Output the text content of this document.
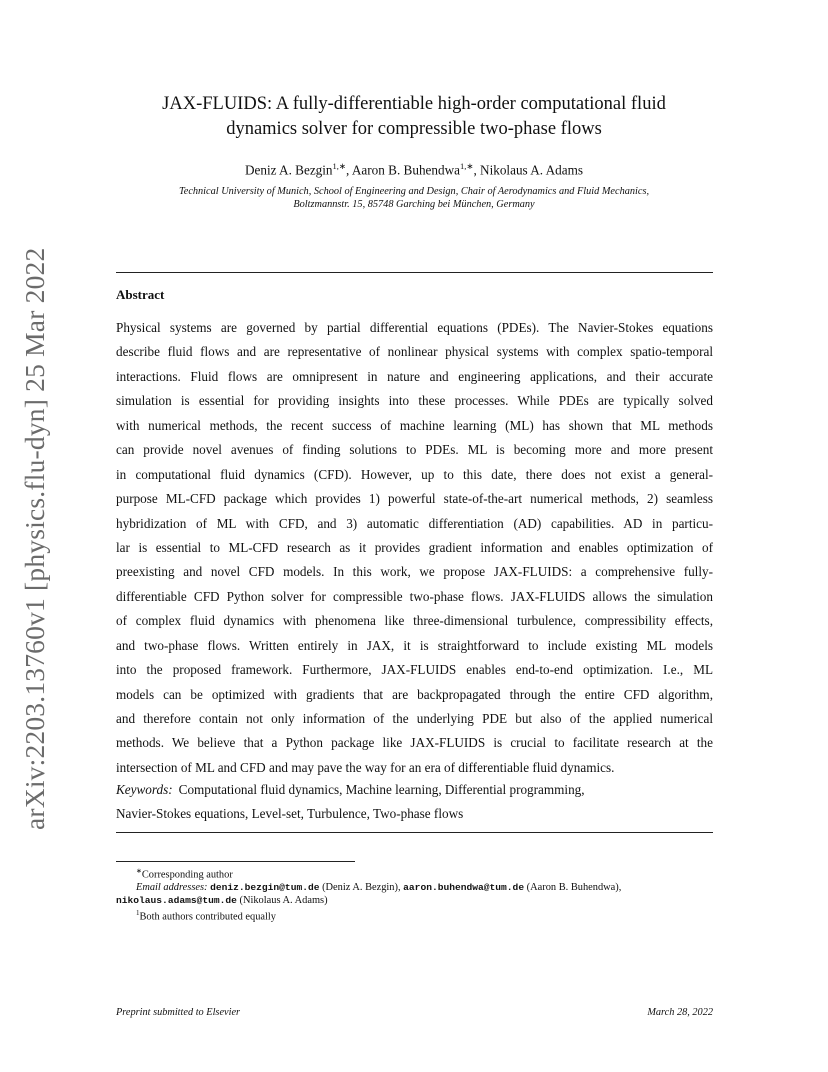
arXiv:2203.13760v1 [physics.flu-dyn] 25 Mar 2022
JAX-FLUIDS: A fully-differentiable high-order computational fluid
dynamics solver for compressible two-phase flows
Deniz A. Bezgin$^{1,∗}$, Aaron B. Buhendwa$^{1,∗}$, Nikolaus A. Adams
Technical University of Munich, School of Engineering and Design, Chair of Aerodynamics and Fluid Mechanics,
Boltzmannstr. 15, 85748 Garching bei München, Germany
Abstract
Physical systems are governed by partial differential equations (PDEs). The Navier-Stokes equations
describe fluid flows and are representative of nonlinear physical systems with complex spatio-temporal
interactions. Fluid flows are omnipresent in nature and engineering applications, and their accurate
simulation is essential for providing insights into these processes. While PDEs are typically solved
with numerical methods, the recent success of machine learning (ML) has shown that ML methods
can provide novel avenues of finding solutions to PDEs. ML is becoming more and more present
in computational fluid dynamics (CFD). However, up to this date, there does not exist a general-
purpose ML-CFD package which provides 1) powerful state-of-the-art numerical methods, 2) seamless
hybridization of ML with CFD, and 3) automatic differentiation (AD) capabilities. AD in particu-
lar is essential to ML-CFD research as it provides gradient information and enables optimization of
preexisting and novel CFD models. In this work, we propose JAX-FLUIDS: a comprehensive fully-
differentiable CFD Python solver for compressible two-phase flows. JAX-FLUIDS allows the simulation
of complex fluid dynamics with phenomena like three-dimensional turbulence, compressibility effects,
and two-phase flows. Written entirely in JAX, it is straightforward to include existing ML models
into the proposed framework. Furthermore, JAX-FLUIDS enables end-to-end optimization. I.e., ML
models can be optimized with gradients that are backpropagated through the entire CFD algorithm,
and therefore contain not only information of the underlying PDE but also of the applied numerical
methods. We believe that a Python package like JAX-FLUIDS is crucial to facilitate research at the
intersection of ML and CFD and may pave the way for an era of differentiable fluid dynamics.
Keywords: Computational fluid dynamics, Machine learning, Differential programming,
Navier-Stokes equations, Level-set, Turbulence, Two-phase flows
∗Corresponding author
Email addresses: deniz.bezgin@tum.de (Deniz A. Bezgin), aaron.buhendwa@tum.de (Aaron B. Buhendwa),
nikolaus.adams@tum.de (Nikolaus A. Adams)
$^1$Both authors contributed equally
Preprint submitted to Elsevier	March 28, 2022
